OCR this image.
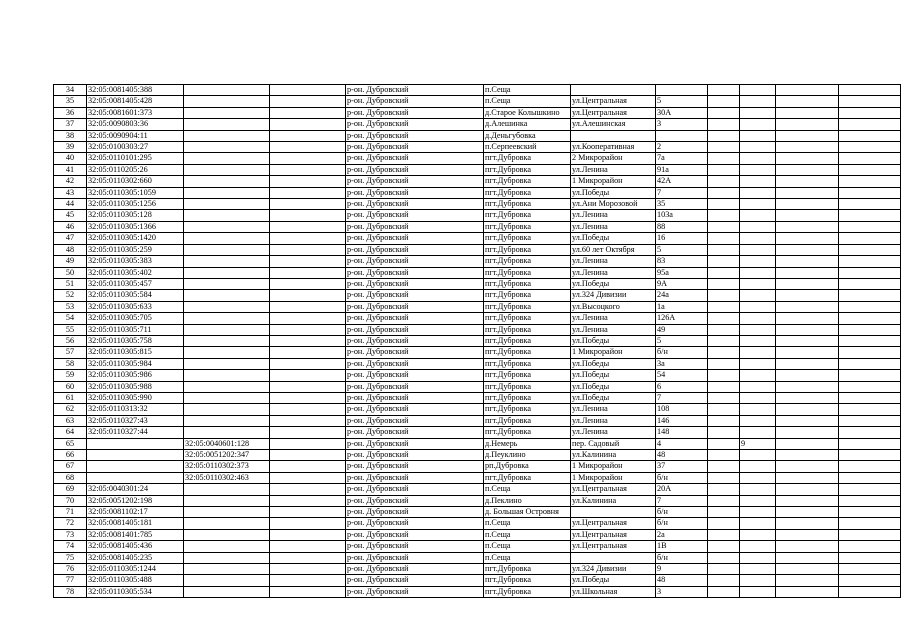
34	32:05:0081405:388			р-он. Дубровский	п.Сеща						
35	32:05:0081405:428			р-он. Дубровский	п.Сеща	ул.Центральная	5				
36	32:05:0081601:373			р-он. Дубровский	д.Старое Колышкино	ул.Центральная	30А				
37	32:05:0090803:36			р-он. Дубровский	д.Алешинка	ул.Алешинская	3				
38	32:05:0090904:11			р-он. Дубровский	д.Деньгубовка						
39	32:05:0100303:27			р-он. Дубровский	п.Серпеевский	ул.Кооперативная	2				
40	32:05:0110101:295			р-он. Дубровский	пгт.Дубровка	2 Микрорайон	7а				
41	32:05:0110205:26			р-он. Дубровский	пгт.Дубровка	ул.Ленина	91а				
42	32:05:0110302:660			р-он. Дубровский	пгт.Дубровка	1 Микрорайон	42А				
43	32:05:0110305:1059			р-он. Дубровский	пгт.Дубровка	ул.Победы	7				
44	32:05:0110305:1256			р-он. Дубровский	пгт.Дубровка	ул.Ани Морозовой	35				
45	32:05:0110305:128			р-он. Дубровский	пгт.Дубровка	ул.Ленина	103а				
46	32:05:0110305:1366			р-он. Дубровский	пгт.Дубровка	ул.Ленина	88				
47	32:05:0110305:1420			р-он. Дубровский	пгт.Дубровка	ул.Победы	16				
48	32:05:0110305:259			р-он. Дубровский	пгт.Дубровка	ул.60 лет Октября	5				
49	32:05:0110305:383			р-он. Дубровский	пгт.Дубровка	ул.Ленина	83				
50	32:05:0110305:402			р-он. Дубровский	пгт.Дубровка	ул.Ленина	95а				
51	32:05:0110305:457			р-он. Дубровский	пгт.Дубровка	ул.Победы	9А				
52	32:05:0110305:584			р-он. Дубровский	пгт.Дубровка	ул.324 Дивизии	24а				
53	32:05:0110305:633			р-он. Дубровский	пгт.Дубровка	ул.Высоцкого	1а				
54	32:05:0110305:705			р-он. Дубровский	пгт.Дубровка	ул.Ленина	126А				
55	32:05:0110305:711			р-он. Дубровский	пгт.Дубровка	ул.Ленина	49				
56	32:05:0110305:758			р-он. Дубровский	пгт.Дубровка	ул.Победы	5				
57	32:05:0110305:815			р-он. Дубровский	пгт.Дубровка	1 Микрорайон	б/н				
58	32:05:0110305:984			р-он. Дубровский	пгт.Дубровка	ул.Победы	3а				
59	32:05:0110305:986			р-он. Дубровский	пгт.Дубровка	ул.Победы	54				
60	32:05:0110305:988			р-он. Дубровский	пгт.Дубровка	ул.Победы	6				
61	32:05:0110305:990			р-он. Дубровский	пгт.Дубровка	ул.Победы	7				
62	32:05:0110313:32			р-он. Дубровский	пгт.Дубровка	ул.Ленина	108				
63	32:05:0110327:43			р-он. Дубровский	пгт.Дубровка	ул.Ленина	146				
64	32:05:0110327:44			р-он. Дубровский	пгт.Дубровка	ул.Ленина	148				
65		32:05:0040601:128		р-он. Дубровский	д.Немерь	пер. Садовый	4		9		
66		32:05:0051202:347		р-он. Дубровский	д.Пеуклино	ул.Калинина	48				
67		32:05:0110302:373		р-он. Дубровский	рп.Дубровка	1 Микрорайон	37				
68		32:05:0110302:463		р-он. Дубровский	пгт.Дубровка	1 Микрорайон	б/н				
69	32:05:0040301:24			р-он. Дубровский	п.Сеща	ул.Центральная	20А				
70	32:05:0051202:198			р-он. Дубровский	д.Пеклино	ул.Калинина	7				
71	32:05:0081102:17			р-он. Дубровский	д. Большая Островня		б/н				
72	32:05:0081405:181			р-он. Дубровский	п.Сеща	ул.Центральная	б/н				
73	32:05:0081401:785			р-он. Дубровский	п.Сеща	ул.Центральная	2а				
74	32:05:0081405:436			р-он. Дубровский	п.Сеща	ул.Центральная	1В				
75	32:05:0081405:235			р-он. Дубровский	п.Сеща		б/н				
76	32:05:0110305:1244			р-он. Дубровский	пгт.Дубровка	ул.324 Дивизии	9				
77	32:05:0110305:488			р-он. Дубровский	пгт.Дубровка	ул.Победы	48				
78	32:05:0110305:534			р-он. Дубровский	пгт.Дубровка	ул.Школьная	3				
